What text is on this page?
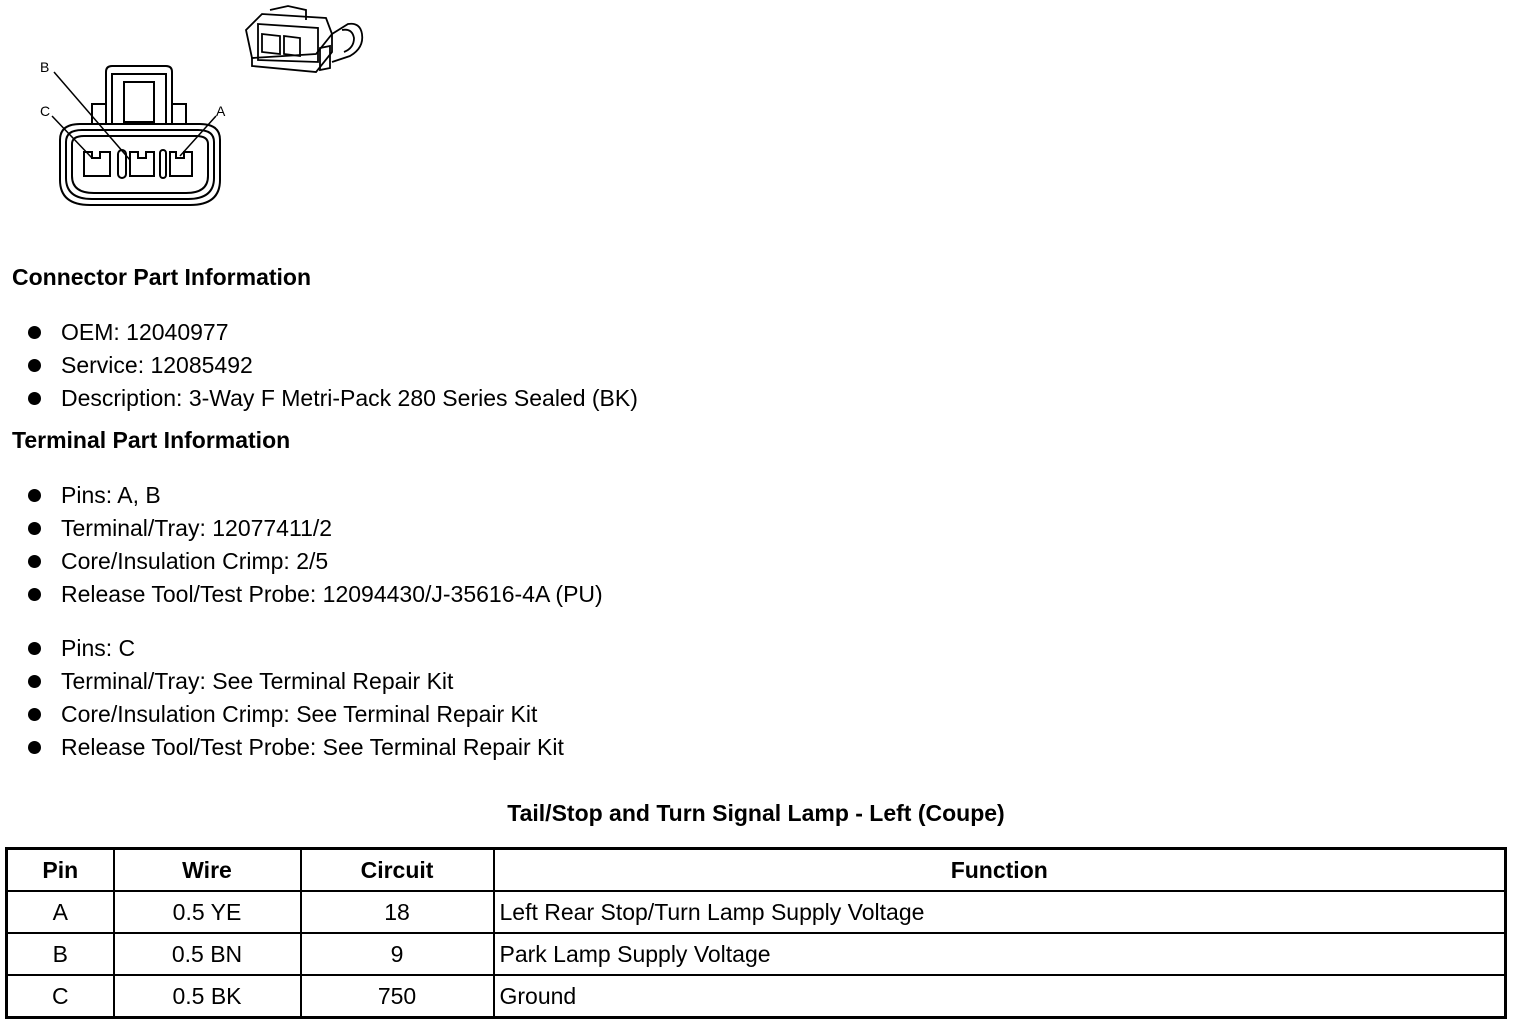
B
C	A
Connector Part Information
OEM: 12040977
Service: 12085492
Description: 3-Way F Metri-Pack 280 Series Sealed (BK)
Terminal Part Information
Pins: A, B
Terminal/Tray: 12077411/2
Core/Insulation Crimp: 2/5
Release Tool/Test Probe: 12094430/J-35616-4A (PU)
Pins: C
Terminal/Tray: See Terminal Repair Kit
Core/Insulation Crimp: See Terminal Repair Kit
Release Tool/Test Probe: See Terminal Repair Kit
Tail/Stop and Turn Signal Lamp - Left (Coupe)
Pin	Wire	Circuit	Function
A	0.5 YE	18	Left Rear Stop/Turn Lamp Supply Voltage
B	0.5 BN	9	Park Lamp Supply Voltage
C	0.5 BK	750	Ground
